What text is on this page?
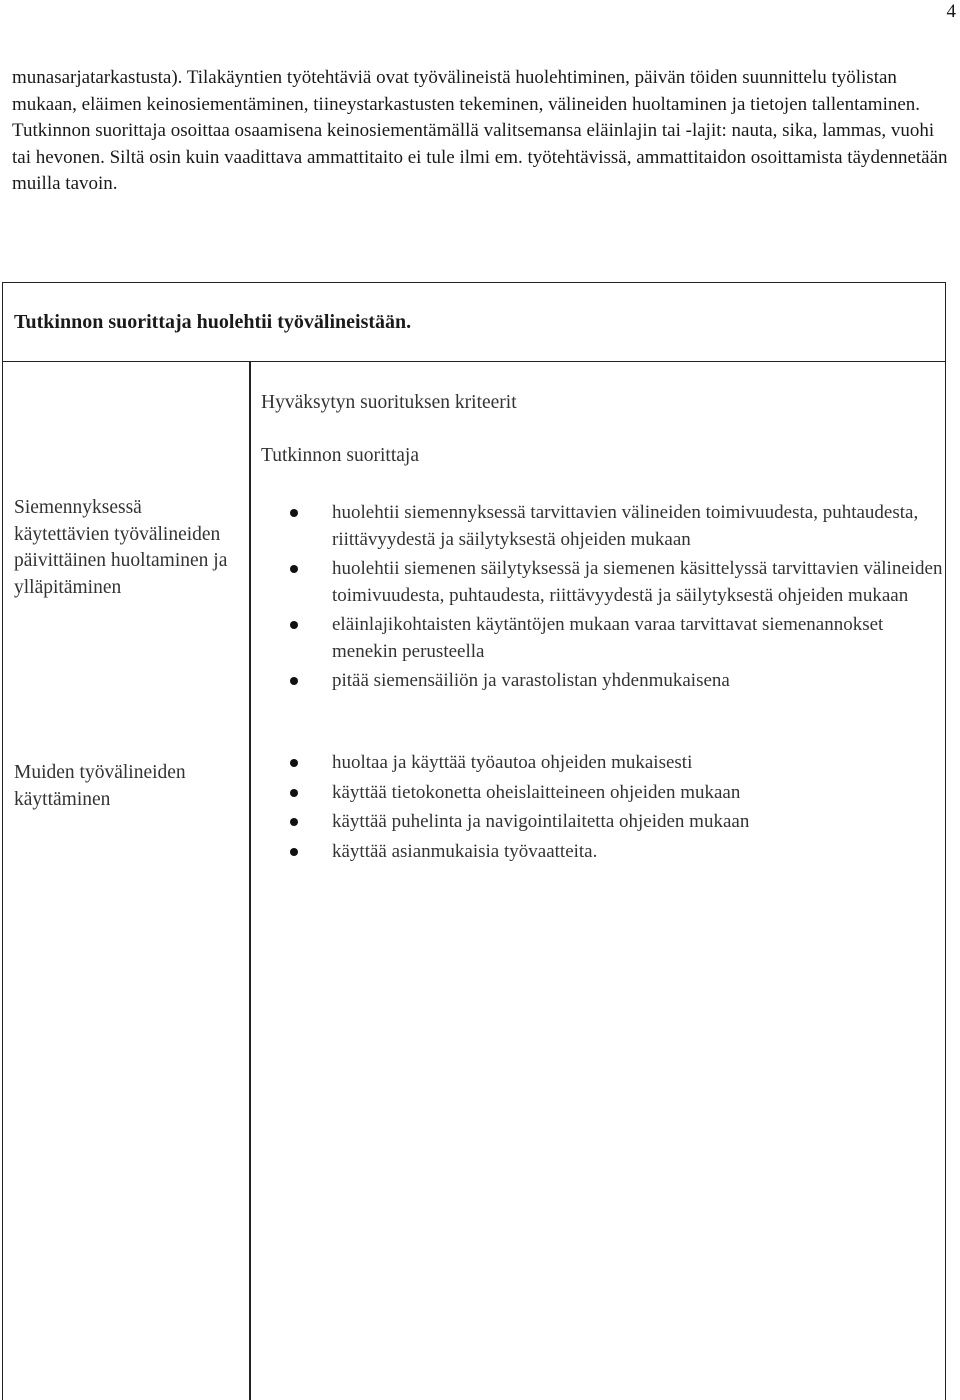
4

munasarjatarkastusta). Tilakäyntien työtehtäviä ovat työvälineistä huolehtiminen, päivän töiden suunnittelu työlistan mukaan, eläimen keinosiementäminen, tiineystarkastusten tekeminen, välineiden huoltaminen ja tietojen tallentaminen. Tutkinnon suorittaja osoittaa osaamisena keinosiementämällä valitsemansa eläinlajin tai -lajit: nauta, sika, lammas, vuohi tai hevonen. Siltä osin kuin vaadittava ammattitaito ei tule ilmi em. työtehtävissä, ammattitaidon osoittamista täydennetään muilla tavoin.

Tutkinnon suorittaja huolehtii työvälineistään.

Hyväksytyn suorituksen kriteerit
Tutkinnon suorittaja
Siemennyksessä käytettävien työvälineiden päivittäinen huoltaminen ja ylläpitäminen
huolehtii siemennyksessä tarvittavien välineiden toimivuudesta, puhtaudesta, riittävyydestä ja säilytyksestä ohjeiden mukaan
huolehtii siemenen säilytyksessä ja siemenen käsittelyssä tarvittavien välineiden toimivuudesta, puhtaudesta, riittävyydestä ja säilytyksestä ohjeiden mukaan
eläinlajikohtaisten käytäntöjen mukaan varaa tarvittavat siemenannokset menekin perusteella
pitää siemensäiliön ja varastolistan yhdenmukaisena
Muiden työvälineiden käyttäminen
huoltaa ja käyttää työautoa ohjeiden mukaisesti
käyttää tietokonetta oheislaitteineen ohjeiden mukaan
käyttää puhelinta ja navigointilaitetta ohjeiden mukaan
käyttää asianmukaisia työvaatteita.
